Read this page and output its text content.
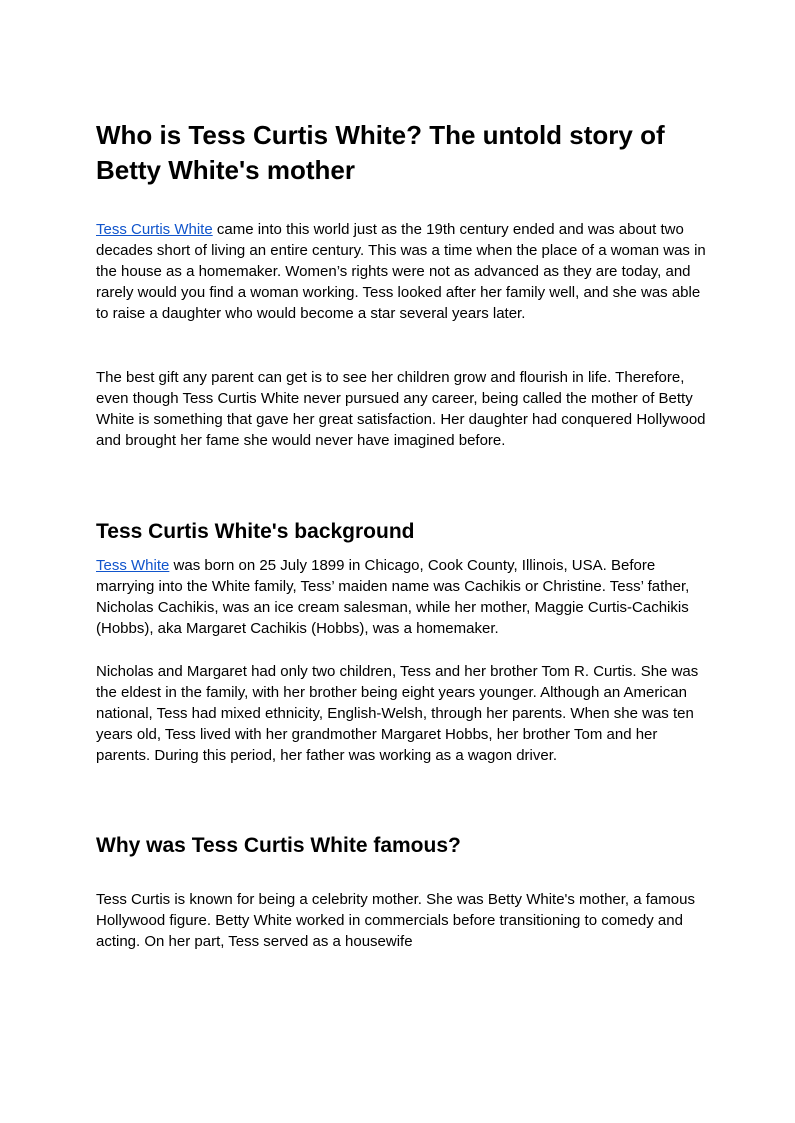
Who is Tess Curtis White? The untold story of Betty White's mother

Tess Curtis White came into this world just as the 19th century ended and was about two decades short of living an entire century. This was a time when the place of a woman was in the house as a homemaker. Women’s rights were not as advanced as they are today, and rarely would you find a woman working. Tess looked after her family well, and she was able to raise a daughter who would become a star several years later.

The best gift any parent can get is to see her children grow and flourish in life. Therefore, even though Tess Curtis White never pursued any career, being called the mother of Betty White is something that gave her great satisfaction. Her daughter had conquered Hollywood and brought her fame she would never have imagined before.

Tess Curtis White's background

Tess White was born on 25 July 1899 in Chicago, Cook County, Illinois, USA. Before marrying into the White family, Tess’ maiden name was Cachikis or Christine. Tess’ father, Nicholas Cachikis, was an ice cream salesman, while her mother, Maggie Curtis-Cachikis (Hobbs), aka Margaret Cachikis (Hobbs), was a homemaker.

Nicholas and Margaret had only two children, Tess and her brother Tom R. Curtis. She was the eldest in the family, with her brother being eight years younger. Although an American national, Tess had mixed ethnicity, English-Welsh, through her parents. When she was ten years old, Tess lived with her grandmother Margaret Hobbs, her brother Tom and her parents. During this period, her father was working as a wagon driver.

Why was Tess Curtis White famous?

Tess Curtis is known for being a celebrity mother. She was Betty White's mother, a famous Hollywood figure. Betty White worked in commercials before transitioning to comedy and acting. On her part, Tess served as a housewife
